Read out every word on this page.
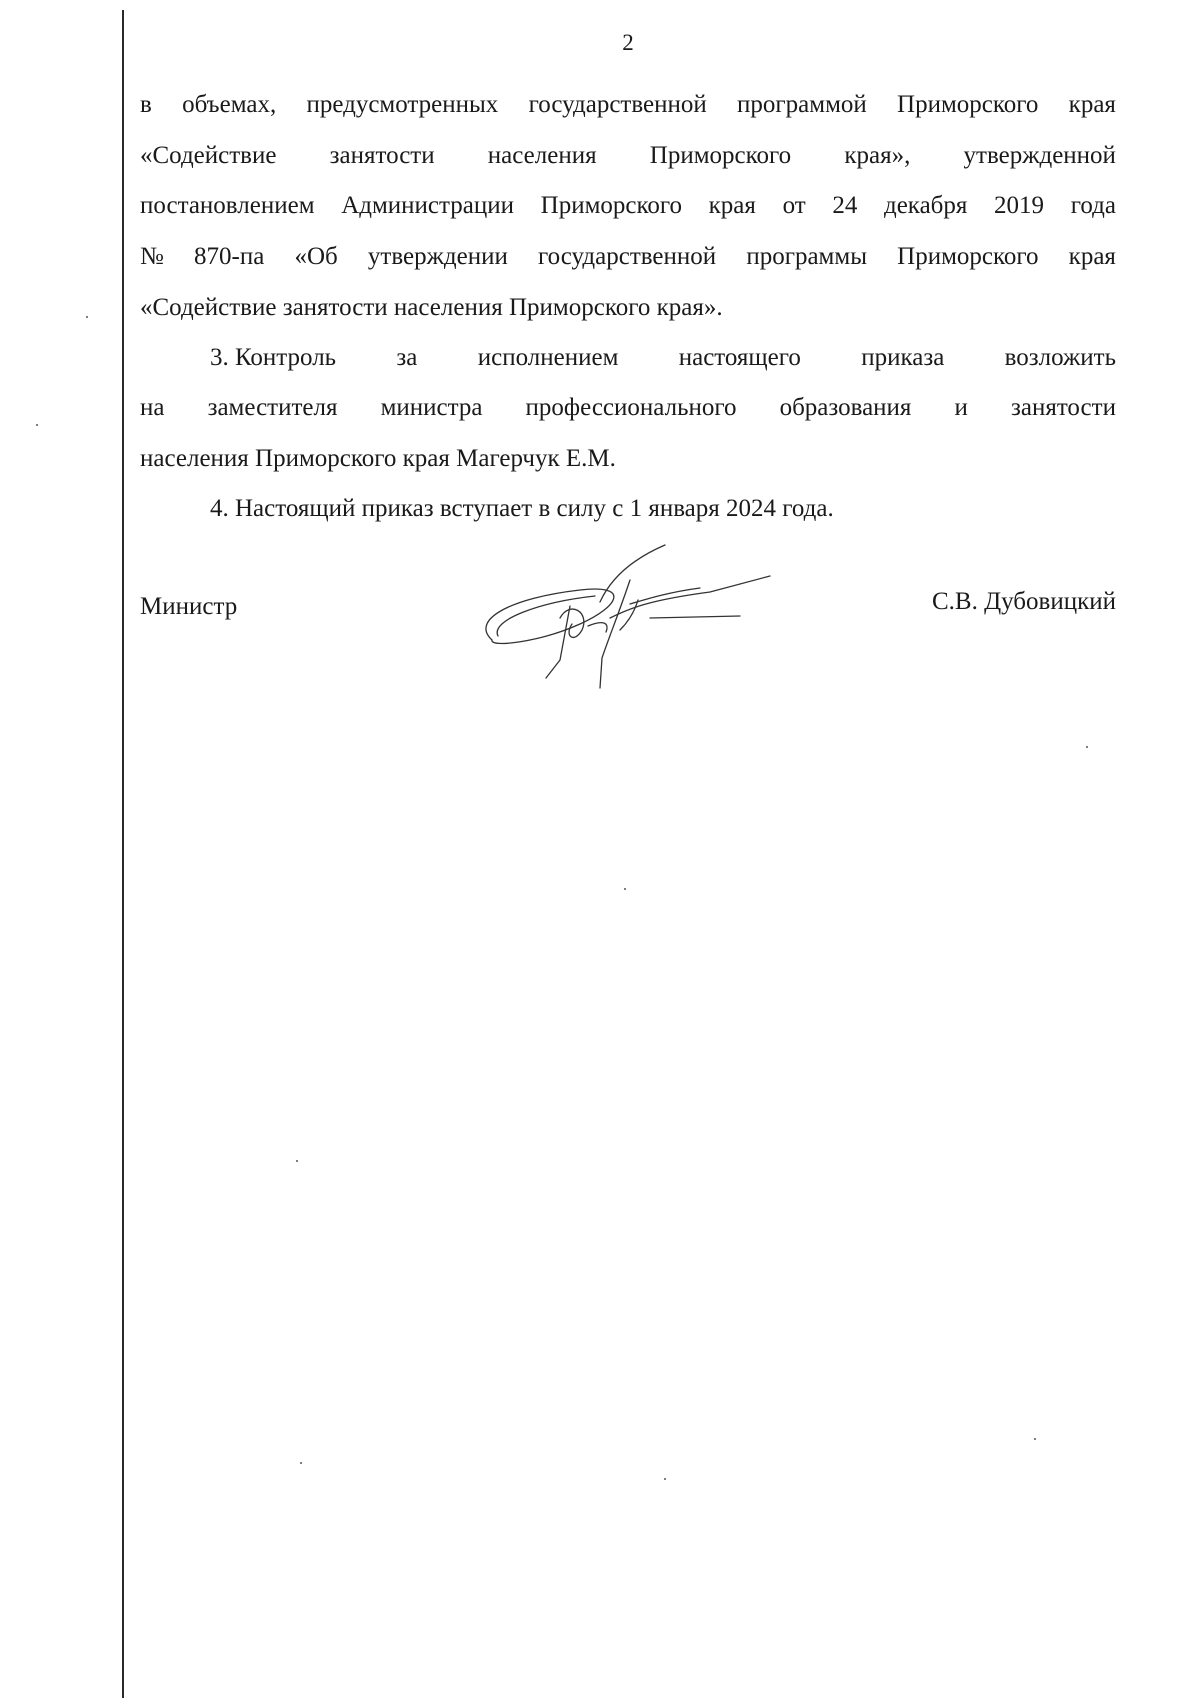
2
в объемах, предусмотренных государственной программой Приморского края
«Содействие занятости населения Приморского края», утвержденной
постановлением Администрации Приморского края от 24 декабря 2019 года
№ 870-па «Об утверждении государственной программы Приморского края
«Содействие занятости населения Приморского края».
3. Контроль за исполнением настоящего приказа возложить
на заместителя министра профессионального образования и занятости
населения Приморского края Магерчук Е.М.
4. Настоящий приказ вступает в силу с 1 января 2024 года.
Министр	С.В. Дубовицкий
